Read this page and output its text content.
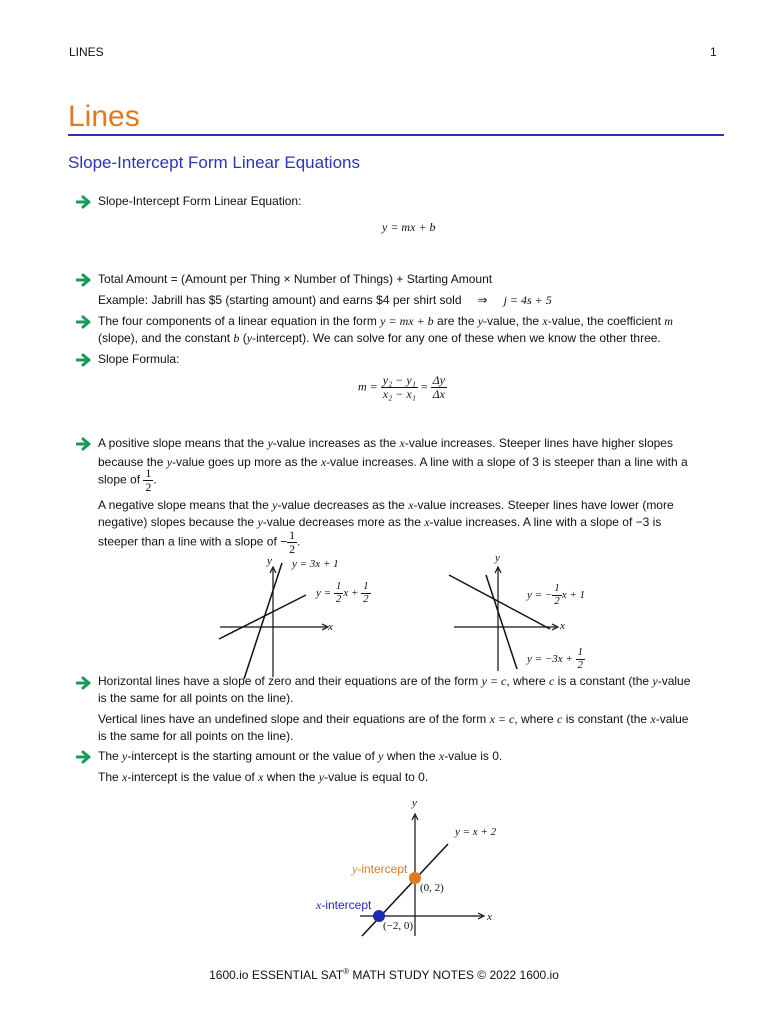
LINES	1
Lines
Slope-Intercept Form Linear Equations
Slope-Intercept Form Linear Equation:
y = mx + b
Total Amount = (Amount per Thing × Number of Things) + Starting Amount
Example: Jabrill has $5 (starting amount) and earns $4 per shirt sold ⇒ j = 4s + 5
The four components of a linear equation in the form y = mx + b are the y-value, the x-value, the coefficient m
(slope), and the constant b (y-intercept). We can solve for any one of these when we know the other three.
Slope Formula:
$m = \frac{\text{y₂ − y₁}}{\text{x₂ − x₁}} = \frac{\Delta y}{\Delta x}$
A positive slope means that the y-value increases as the x-value increases. Steeper lines have higher slopes
because the y-value goes up more as the x-value increases. A line with a slope of 3 is steeper than a line with a
slope of $\frac{1}{2}$ .
A negative slope means that the y-value decreases as the x-value increases. Steeper lines have lower (more
negative) slopes because the y-value decreases more as the x-value increases. A line with a slope of −3 is
steeper than a line with a slope of − $\frac{1}{2}$ .
y
x
y = 3x + 1
$y = \frac{1}{2}$ $x + \frac{1}{2}$
y
x
y = − $\frac{1}{2}$ x + 1
$y = -3x + \frac{1}{2}$
Horizontal lines have a slope of zero and their equations are of the form y = c, where c is a constant (the y-value
is the same for all points on the line).
Vertical lines have an undefined slope and their equations are of the form x = c, where c is constant (the x-value
is the same for all points on the line).
The y-intercept is the starting amount or the value of y when the x-value is 0.
The x-intercept is the value of x when the y-value is equal to 0.
y
x
y = x + 2
y-intercept
x-intercept
(0, 2)
(−2, 0)
1600.io ESSENTIAL SAT® MATH STUDY NOTES © 2022 1600.io
